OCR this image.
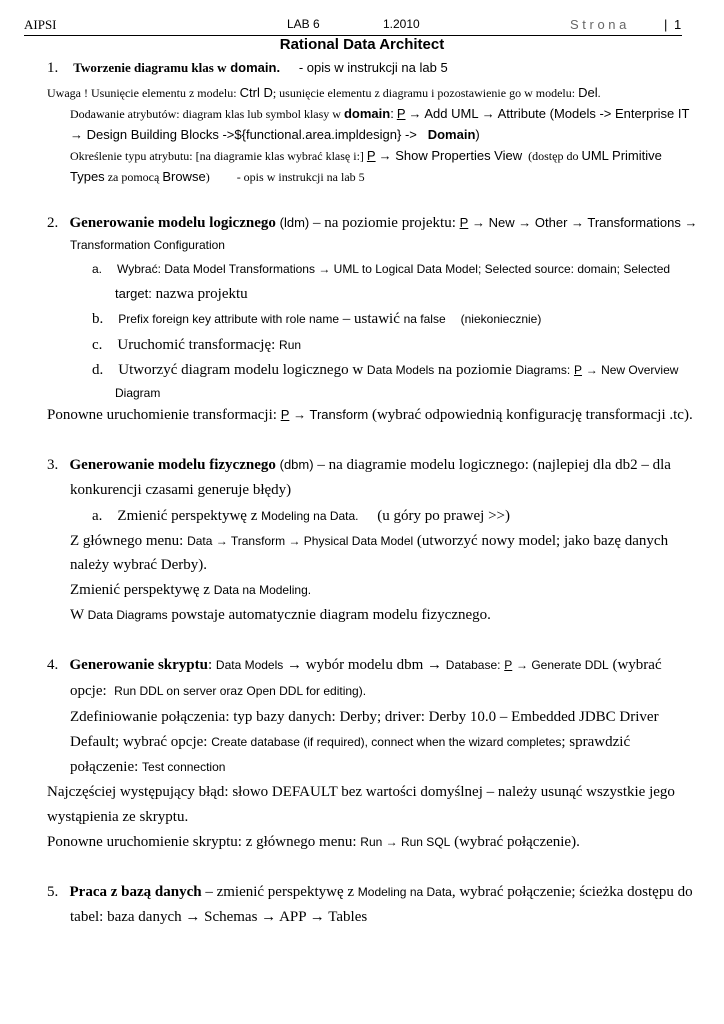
AIPSI	LAB 6	1.2010	S t r o n a	| 1
Rational Data Architect
1. Tworzenie diagramu klas w domain. - opis w instrukcji na lab 5
Uwaga ! Usunięcie elementu z modelu: Ctrl D; usunięcie elementu z diagramu i pozostawienie go w modelu: Del.
Dodawanie atrybutów: diagram klas lub symbol klasy w domain: P → Add UML → Attribute (Models -> Enterprise IT
→ Design Building Blocks ->${functional.area.impldesign} -> Domain)
Określenie typu atrybutu: [na diagramie klas wybrać klasę i:] P → Show Properties View (dostęp do UML Primitive
Types za pomocą Browse) - opis w instrukcji na lab 5
2. Generowanie modelu logicznego (ldm) – na poziomie projektu: P → New → Other → Transformations →
Transformation Configuration
a. Wybrać: Data Model Transformations → UML to Logical Data Model; Selected source: domain; Selected
target: nazwa projektu
b. Prefix foreign key attribute with role name – ustawić na false (niekoniecznie)
c. Uruchomić transformację: Run
d. Utworzyć diagram modelu logicznego w Data Models na poziomie Diagrams: P → New Overview
Diagram
Ponowne uruchomienie transformacji: P → Transform (wybrać odpowiednią konfigurację transformacji .tc).
3. Generowanie modelu fizycznego (dbm) – na diagramie modelu logicznego: (najlepiej dla db2 – dla
konkurencji czasami generuje błędy)
a. Zmienić perspektywę z Modeling na Data. (u góry po prawej >>)
Z głównego menu: Data → Transform → Physical Data Model (utworzyć nowy model; jako bazę danych
należy wybrać Derby).
Zmienić perspektywę z Data na Modeling.
W Data Diagrams powstaje automatycznie diagram modelu fizycznego.
4. Generowanie skryptu: Data Models → wybór modelu dbm → Database: P → Generate DDL (wybrać
opcje: Run DDL on server oraz Open DDL for editing).
Zdefiniowanie połączenia: typ bazy danych: Derby; driver: Derby 10.0 – Embedded JDBC Driver
Default; wybrać opcje: Create database (if required), connect when the wizard completes; sprawdzić
połączenie: Test connection
Najczęściej występujący błąd: słowo DEFAULT bez wartości domyślnej – należy usunąć wszystkie jego
wystąpienia ze skryptu.
Ponowne uruchomienie skryptu: z głównego menu: Run → Run SQL (wybrać połączenie).
5. Praca z bazą danych – zmienić perspektywę z Modeling na Data, wybrać połączenie; ścieżka dostępu do
tabel: baza danych → Schemas → APP → Tables
